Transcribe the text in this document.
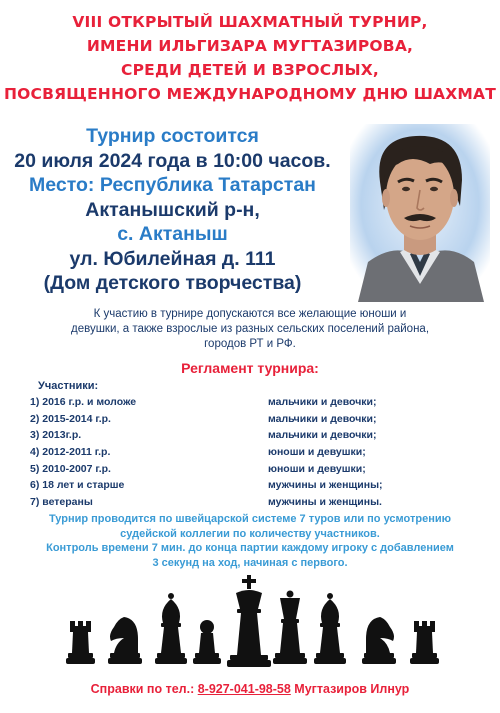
VIII ОТКРЫТЫЙ ШАХМАТНЫЙ ТУРНИР,
ИМЕНИ ИЛЬГИЗАРА МУГТАЗИРОВА,
СРЕДИ ДЕТЕЙ И ВЗРОСЛЫХ,
ПОСВЯЩЕННОГО МЕЖДУНАРОДНОМУ ДНЮ ШАХМАТ
Турнир состоится
20 июля 2024 года в 10:00 часов.
Место: Республика Татарстан
Актанышский р-н,
с. Актаныш
ул. Юбилейная д. 111
(Дом детского творчества)
К участию в турнире допускаются все желающие юноши и
девушки, а также взрослые из разных сельских поселений района,
городов РТ и РФ.
Регламент турнира:
Участники:
1) 2016 г.р. и моложе	мальчики и девочки;
2) 2015-2014 г.р.	мальчики и девочки;
3) 2013г.р.	мальчики и девочки;
4) 2012-2011 г.р.	юноши и девушки;
5) 2010-2007 г.р.	юноши и девушки;
6) 18 лет и старше	мужчины и женщины;
7) ветераны	мужчины и женщины.
Турнир проводится по швейцарской системе 7 туров или по усмотрению
судейской коллегии по количеству участников.
Контроль времени 7 мин. до конца партии каждому игроку с добавлением
3 секунд на ход, начиная с первого.
Справки по тел.: 8-927-041-98-58 Мугтазиров Илнур
